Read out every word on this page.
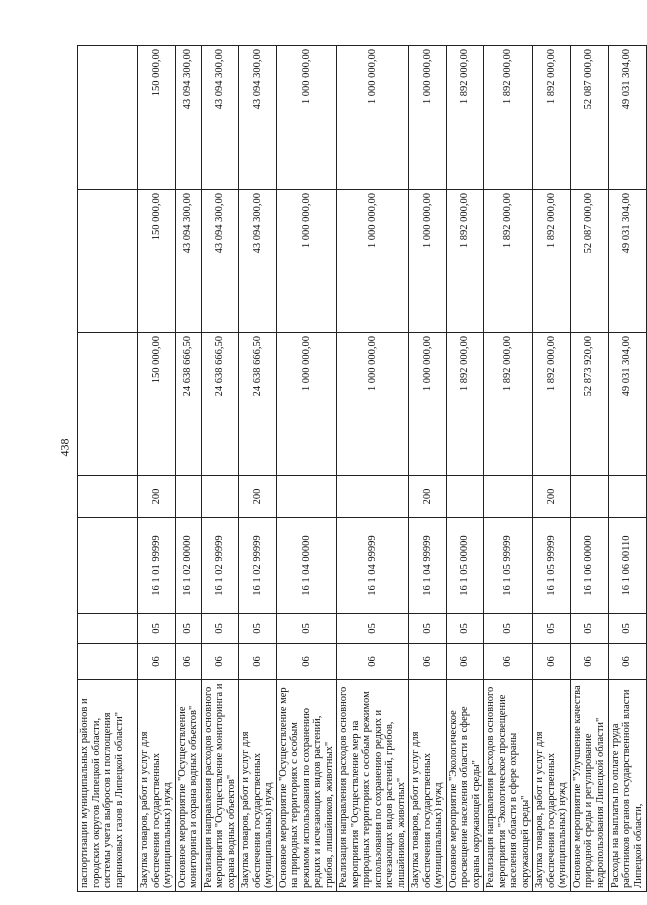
438
паспортизации муниципальных районов и городских округов Липецкой области, системы учета выбросов и поглощения парниковых газов в Липецкой области"							
Закупка товаров, работ и услуг для обеспечения государственных (муниципальных) нужд	06	05	16 1 01 99999	200	150 000,00	150 000,00	150 000,00
Основное мероприятие "Осуществление мониторинга и охрана водных объектов"	06	05	16 1 02 00000		24 638 666,50	43 094 300,00	43 094 300,00
Реализация направления расходов основного мероприятия "Осуществление мониторинга и охрана водных объектов"	06	05	16 1 02 99999		24 638 666,50	43 094 300,00	43 094 300,00
Закупка товаров, работ и услуг для обеспечения государственных (муниципальных) нужд	06	05	16 1 02 99999	200	24 638 666,50	43 094 300,00	43 094 300,00
Основное мероприятие "Осуществление мер на природных территориях с особым режимом использования по сохранению редких и исчезающих видов растений, грибов, лишайников, животных"	06	05	16 1 04 00000		1 000 000,00	1 000 000,00	1 000 000,00
Реализация направления расходов основного мероприятия "Осуществление мер на природных территориях с особым режимом использования по сохранению редких и исчезающих видов растений, грибов, лишайников, животных"	06	05	16 1 04 99999		1 000 000,00	1 000 000,00	1 000 000,00
Закупка товаров, работ и услуг для обеспечения государственных (муниципальных) нужд	06	05	16 1 04 99999	200	1 000 000,00	1 000 000,00	1 000 000,00
Основное мероприятие "Экологическое просвещение населения области в сфере охраны окружающей среды"	06	05	16 1 05 00000		1 892 000,00	1 892 000,00	1 892 000,00
Реализация направления расходов основного мероприятия "Экологическое просвещение населения области в сфере охраны окружающей среды"	06	05	16 1 05 99999		1 892 000,00	1 892 000,00	1 892 000,00
Закупка товаров, работ и услуг для обеспечения государственных (муниципальных) нужд	06	05	16 1 05 99999	200	1 892 000,00	1 892 000,00	1 892 000,00
Основное мероприятие "Улучшение качества природной среды и регулирование недропользования Липецкой области"	06	05	16 1 06 00000		52 873 920,00	52 087 000,00	52 087 000,00
Расходы на выплаты по оплате труда работников органов государственной власти Липецкой области,	06	05	16 1 06 00110		49 031 304,00	49 031 304,00	49 031 304,00
